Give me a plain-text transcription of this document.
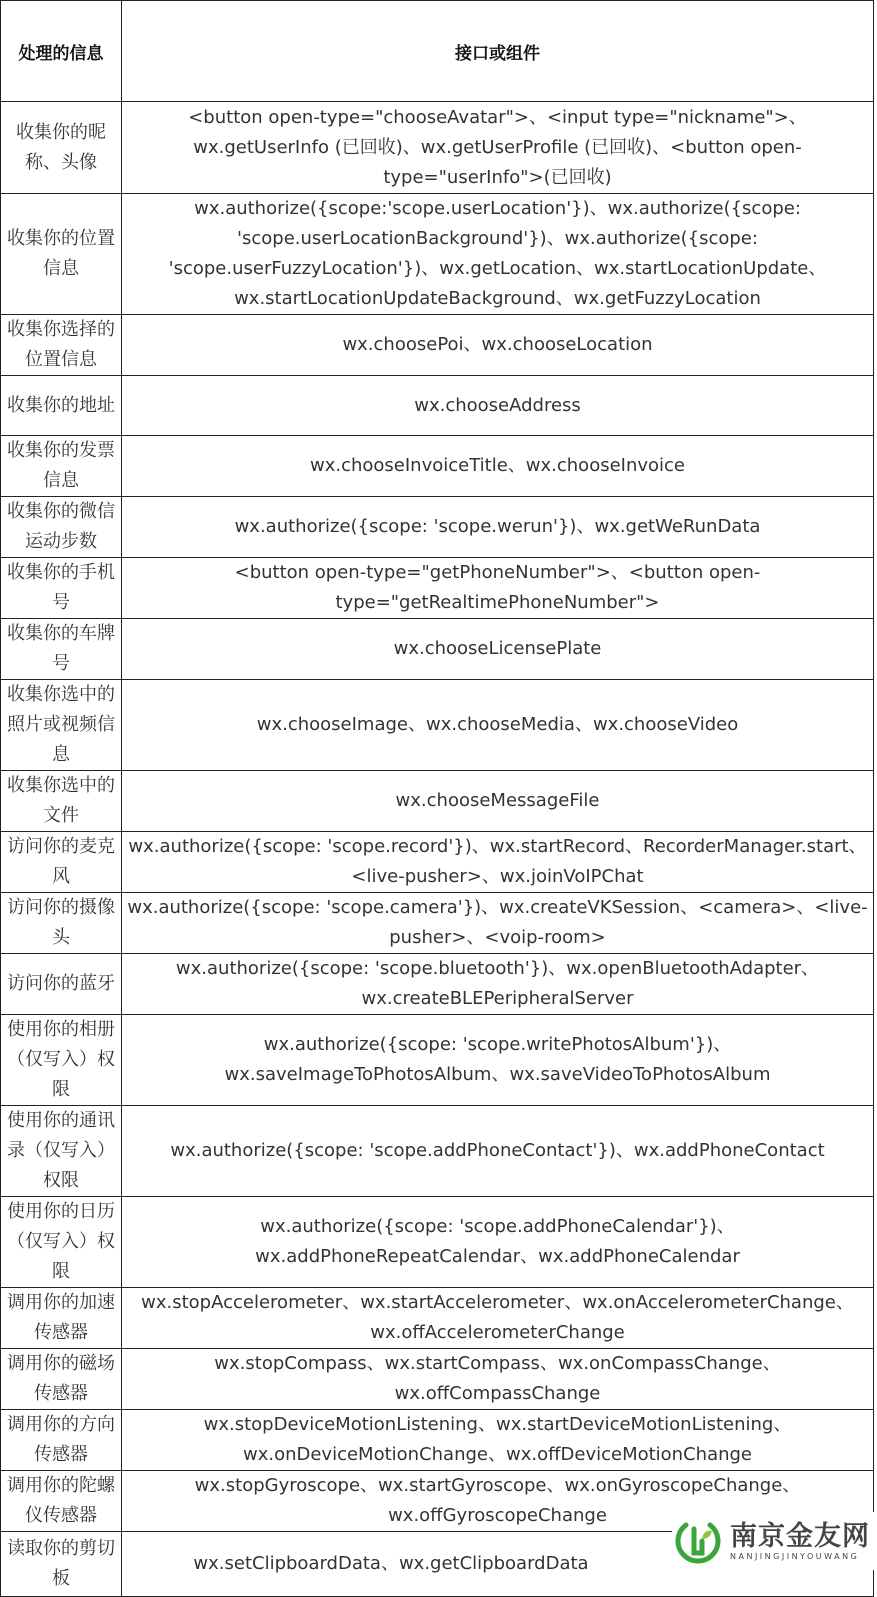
处理的信息	接口或组件
收集你的昵称、头像	<button open-type="chooseAvatar">、<input type="nickname">、wx.getUserInfo (已回收)、wx.getUserProfile (已回收)、<button open-type="userInfo">(已回收)
收集你的位置信息	wx.authorize({scope:'scope.userLocation'})、wx.authorize({scope: 'scope.userLocationBackground'})、wx.authorize({scope: 'scope.userFuzzyLocation'})、wx.getLocation、wx.startLocationUpdate、wx.startLocationUpdateBackground、wx.getFuzzyLocation
收集你选择的位置信息	wx.choosePoi、wx.chooseLocation
收集你的地址	wx.chooseAddress
收集你的发票信息	wx.chooseInvoiceTitle、wx.chooseInvoice
收集你的微信运动步数	wx.authorize({scope: 'scope.werun'})、wx.getWeRunData
收集你的手机号	<button open-type="getPhoneNumber">、<button open-type="getRealtimePhoneNumber">
收集你的车牌号	wx.chooseLicensePlate
收集你选中的照片或视频信息	wx.chooseImage、wx.chooseMedia、wx.chooseVideo
收集你选中的文件	wx.chooseMessageFile
访问你的麦克风	wx.authorize({scope: 'scope.record'})、wx.startRecord、RecorderManager.start、<live-pusher>、wx.joinVoIPChat
访问你的摄像头	wx.authorize({scope: 'scope.camera'})、wx.createVKSession、<camera>、<live-pusher>、<voip-room>
访问你的蓝牙	wx.authorize({scope: 'scope.bluetooth'})、wx.openBluetoothAdapter、wx.createBLEPeripheralServer
使用你的相册（仅写入）权限	wx.authorize({scope: 'scope.writePhotosAlbum'})、wx.saveImageToPhotosAlbum、wx.saveVideoToPhotosAlbum
使用你的通讯录（仅写入）权限	wx.authorize({scope: 'scope.addPhoneContact'})、wx.addPhoneContact
使用你的日历（仅写入）权限	wx.authorize({scope: 'scope.addPhoneCalendar'})、wx.addPhoneRepeatCalendar、wx.addPhoneCalendar
调用你的加速传感器	wx.stopAccelerometer、wx.startAccelerometer、wx.onAccelerometerChange、wx.offAccelerometerChange
调用你的磁场传感器	wx.stopCompass、wx.startCompass、wx.onCompassChange、wx.offCompassChange
调用你的方向传感器	wx.stopDeviceMotionListening、wx.startDeviceMotionListening、wx.onDeviceMotionChange、wx.offDeviceMotionChange
调用你的陀螺仪传感器	wx.stopGyroscope、wx.startGyroscope、wx.onGyroscopeChange、wx.offGyroscopeChange
读取你的剪切板	wx.setClipboardData、wx.getClipboardData
南京金友网
NANJINGJINYOUWANG
